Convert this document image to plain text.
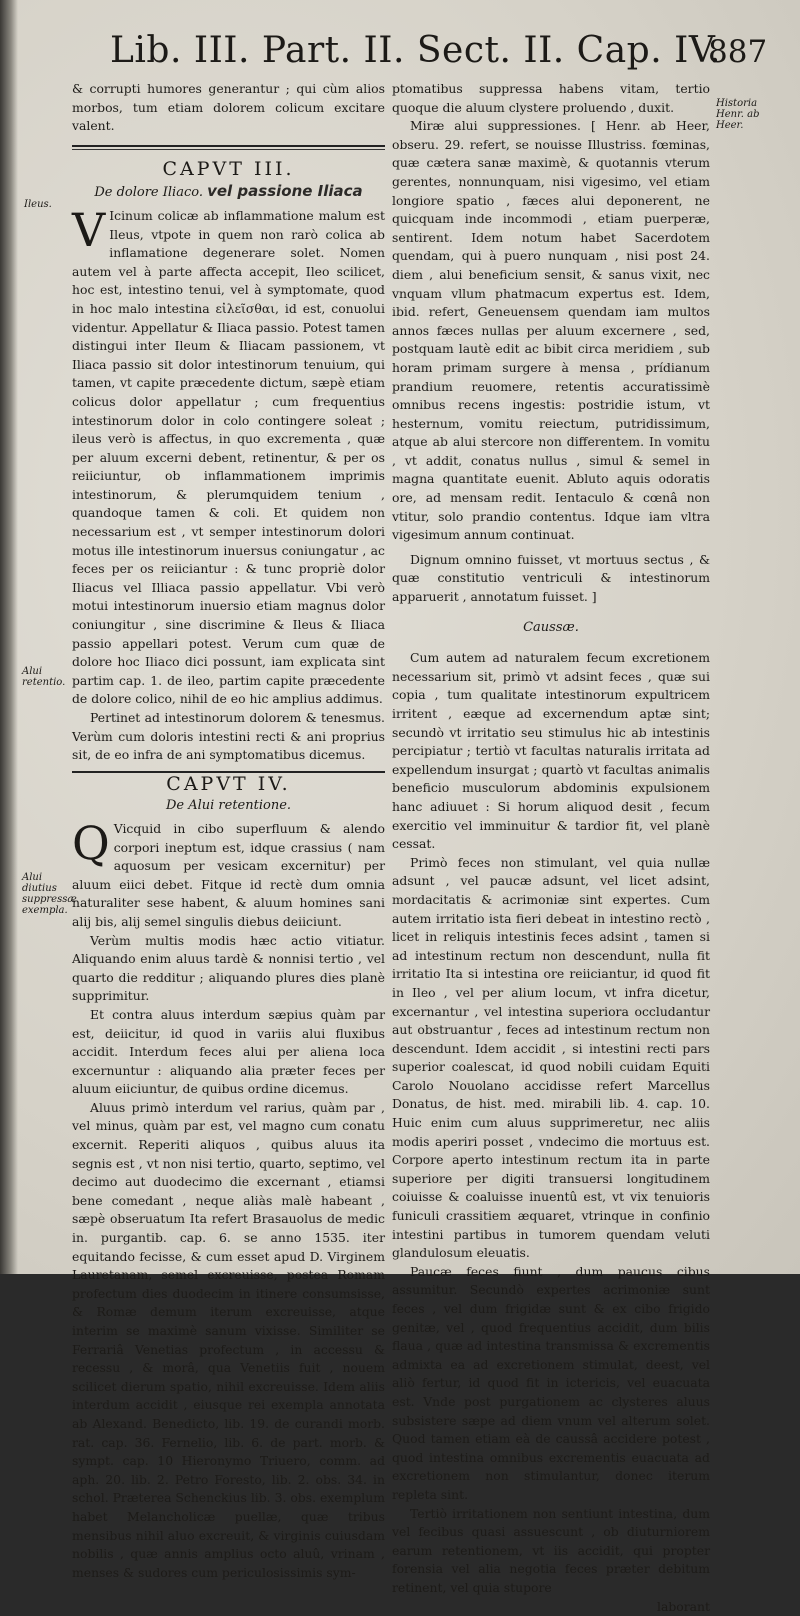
Lib. III. Part. II. Sect. II. Cap. IV.
887
Ileus.
Alui retentio.
Alui diutius suppressæ exempla.
Historia Henr. ab Heer.

& corrupti humores generantur ; qui cùm alios morbos, tum etiam dolorem colicum excitare valent.

CAPVT III.
De dolore Iliaco. vel passione Iliaca

V Icinum colicæ ab inflammatione malum est Ileus, vtpote in quem non rarò colica ab inflamatione degenerare solet. Nomen autem vel à parte affecta accepit, Ileo scilicet, hoc est, intestino tenui, vel à symptomate, quod in hoc malo intestina εἰλεῖσθαι, id est, conuolui videntur. Appellatur & Iliaca passio. Potest tamen distingui inter Ileum & Iliacam passionem, vt Iliaca passio sit dolor intestinorum tenuium, qui tamen, vt capite præcedente dictum, sæpè etiam colicus dolor appellatur ; cum frequentius intestinorum dolor in colo contingere soleat ; ileus verò is affectus, in quo excrementa , quæ per aluum excerni debent, retinentur, & per os reiiciuntur, ob inflammationem imprimis intestinorum, & plerumquidem tenium , quandoque tamen & coli. Et quidem non necessarium est , vt semper intestinorum dolori motus ille intestinorum inuersus coniungatur , ac feces per os reiiciantur : & tunc propriè dolor Iliacus vel Illiaca passio appellatur. Vbi verò motui intestinorum inuersio etiam magnus dolor coniungitur , sine discrimine & Ileus & Iliaca passio appellari potest. Verum cum quæ de dolore hoc Iliaco dici possunt, iam explicata sint partim cap. 1. de ileo, partim capite præcedente de dolore colico, nihil de eo hic amplius addimus.

Pertinet ad intestinorum dolorem & tenesmus. Verùm cum doloris intestini recti & ani proprius sit, de eo infra de ani symptomatibus dicemus.

CAPVT IV.
De Alui retentione.

Q Vicquid in cibo superfluum & alendo corpori ineptum est, idque crassius ( nam aquosum per vesicam excernitur) per aluum eiici debet. Fitque id rectè dum omnia naturaliter sese habent, & aluum homines sani alij bis, alij semel singulis diebus deiiciunt.

Verùm multis modis hæc actio vitiatur. Aliquando enim aluus tardè & nonnisi tertio , vel quarto die redditur ; aliquando plures dies planè supprimitur.

Et contra aluus interdum sæpius quàm par est, deiicitur, id quod in variis alui fluxibus accidit. Interdum feces alui per aliena loca excernuntur : aliquando alia præter feces per aluum eiiciuntur, de quibus ordine dicemus.

Aluus primò interdum vel rarius, quàm par , vel minus, quàm par est, vel magno cum conatu excernit. Reperiti aliquos , quibus aluus ita segnis est , vt non nisi tertio, quarto, septimo, vel decimo aut duodecimo die excernant , etiamsi bene comedant , neque aliàs malè habeant , sæpè obseruatum Ita refert Brasauolus de medic in. purgantib. cap. 6. se anno 1535. iter equitando fecisse, & cum esset apud D. Virginem Lauretanam, semel excreuisse, postea Romam profectum dies duodecim in itinere consumsisse, & Romæ demum iterum excreuisse, atque interim se maximè sanum vixisse. Similiter se Ferrariâ Venetias profectum , in accessu & recessu , & morâ, qua Venetiis fuit , nouem scilicet dierum spatio, nihil excreuisse. Idem aliis interdum accidit , eiusque rei exempla annotata ab Alexand. Benedicto, lib. 19. de curandi morb. rat. cap. 36. Fernelio, lib. 6. de part. morb. & sympt. cap. 10 Hieronymo Triuero, comm. ad aph. 20. lib. 2. Petro Foresto, lib. 2. obs. 34. in schol. Præterea Schenckius lib. 3. obs. exemplum habet Melancholicæ puellæ, quæ tribus mensibus nihil aluo excreuit, & virginis cuiusdam nobilis , quæ annis amplius octo aluû, vrinam , menses & sudores cum periculosissimis sym-

ptomatibus suppressa habens vitam, tertio quoque die aluum clystere proluendo , duxit.

Miræ alui suppressiones. [ Henr. ab Heer, obseru. 29. refert, se nouisse Illustriss. fœminas, quæ cætera sanæ maximè, & quotannis vterum gerentes, nonnunquam, nisi vigesimo, vel etiam longiore spatio , fæces alui deponerent, ne quicquam inde incommodi , etiam puerperæ, sentirent. Idem notum habet Sacerdotem quendam, qui à puero nunquam , nisi post 24. diem , alui beneficium sensit, & sanus vixit, nec vnquam vllum phatmacum expertus est. Idem, ibid. refert, Geneuensem quendam iam multos annos fæces nullas per aluum excernere , sed, postquam lautè edit ac bibit circa meridiem , sub horam primam surgere à mensa , prídianum prandium reuomere, retentis accuratissimè omnibus recens ingestis: postridie istum, vt hesternum, vomitu reiectum, putridissimum, atque ab alui stercore non differentem. In vomitu , vt addit, conatus nullus , simul & semel in magna quantitate euenit. Abluto aquis odoratis ore, ad mensam redit. Ientaculo & cœnâ non vtitur, solo prandio contentus. Idque iam vltra vigesimum annum continuat.

Dignum omnino fuisset, vt mortuus sectus , & quæ constitutio ventriculi & intestinorum apparuerit , annotatum fuisset. ]

Caussæ.

Cum autem ad naturalem fecum excretionem necessarium sit, primò vt adsint feces , quæ sui copia , tum qualitate intestinorum expultricem irritent , eæque ad excernendum aptæ sint; secundò vt irritatio seu stimulus hic ab intestinis percipiatur ; tertiò vt facultas naturalis irritata ad expellendum insurgat ; quartò vt facultas animalis beneficio musculorum abdominis expulsionem hanc adiuuet : Si horum aliquod desit , fecum exercitio vel imminuitur & tardior fit, vel planè cessat.

Primò feces non stimulant, vel quia nullæ adsunt , vel paucæ adsunt, vel licet adsint, mordacitatis & acrimoniæ sint expertes. Cum autem irritatio ista fieri debeat in intestino rectò , licet in reliquis intestinis feces adsint , tamen si ad intestinum rectum non descendunt, nulla fit irritatio Ita si intestina ore reiiciantur, id quod fit in Ileo , vel per alium locum, vt infra dicetur, excernantur , vel intestina superiora occludantur aut obstruantur , feces ad intestinum rectum non descendunt. Idem accidit , si intestini recti pars superior coalescat, id quod nobili cuidam Equiti Carolo Nouolano accidisse refert Marcellus Donatus, de hist. med. mirabili lib. 4. cap. 10. Huic enim cum aluus supprimeretur, nec aliis modis aperiri posset , vndecimo die mortuus est. Corpore aperto intestinum rectum ita in parte superiore per digiti transuersi longitudinem coiuisse & coaluisse inuentû est, vt vix tenuioris funiculi crassitiem æquaret, vtrinque in confinio intestini partibus in tumorem quendam veluti glandulosum eleuatis.

Paucæ feces fiunt , dum paucus cibus assumitur. Secundò expertes acrimoniæ sunt feces , vel dum frigidæ sunt & ex cibo frigido genitæ, vel , quod frequentius accidit, dum bilis flaua , quæ ad intestina transmissa & excrementis admixta ea ad excretionem stimulat, deest, vel aliò fertur, id quod fit in ictericis, vel euacuata est. Vnde post purgationem ac clysteres aluus subsistere sæpe ad diem vnum vel alterum solet. Quod tamen etiam eà de caussâ accidere potest , quod intestina omnibus excrementis euacuata ad excretionem non stimulantur, donec iterum repleta sint.

Tertiò irritationem non sentiunt intestina, dum vel fecibus quasi assuescunt , ob diuturniorem earum retentionem, vt iis accidit, qui propter forensia vel alia negotia feces præter debitum retinent, vel quia stupore

laborant
